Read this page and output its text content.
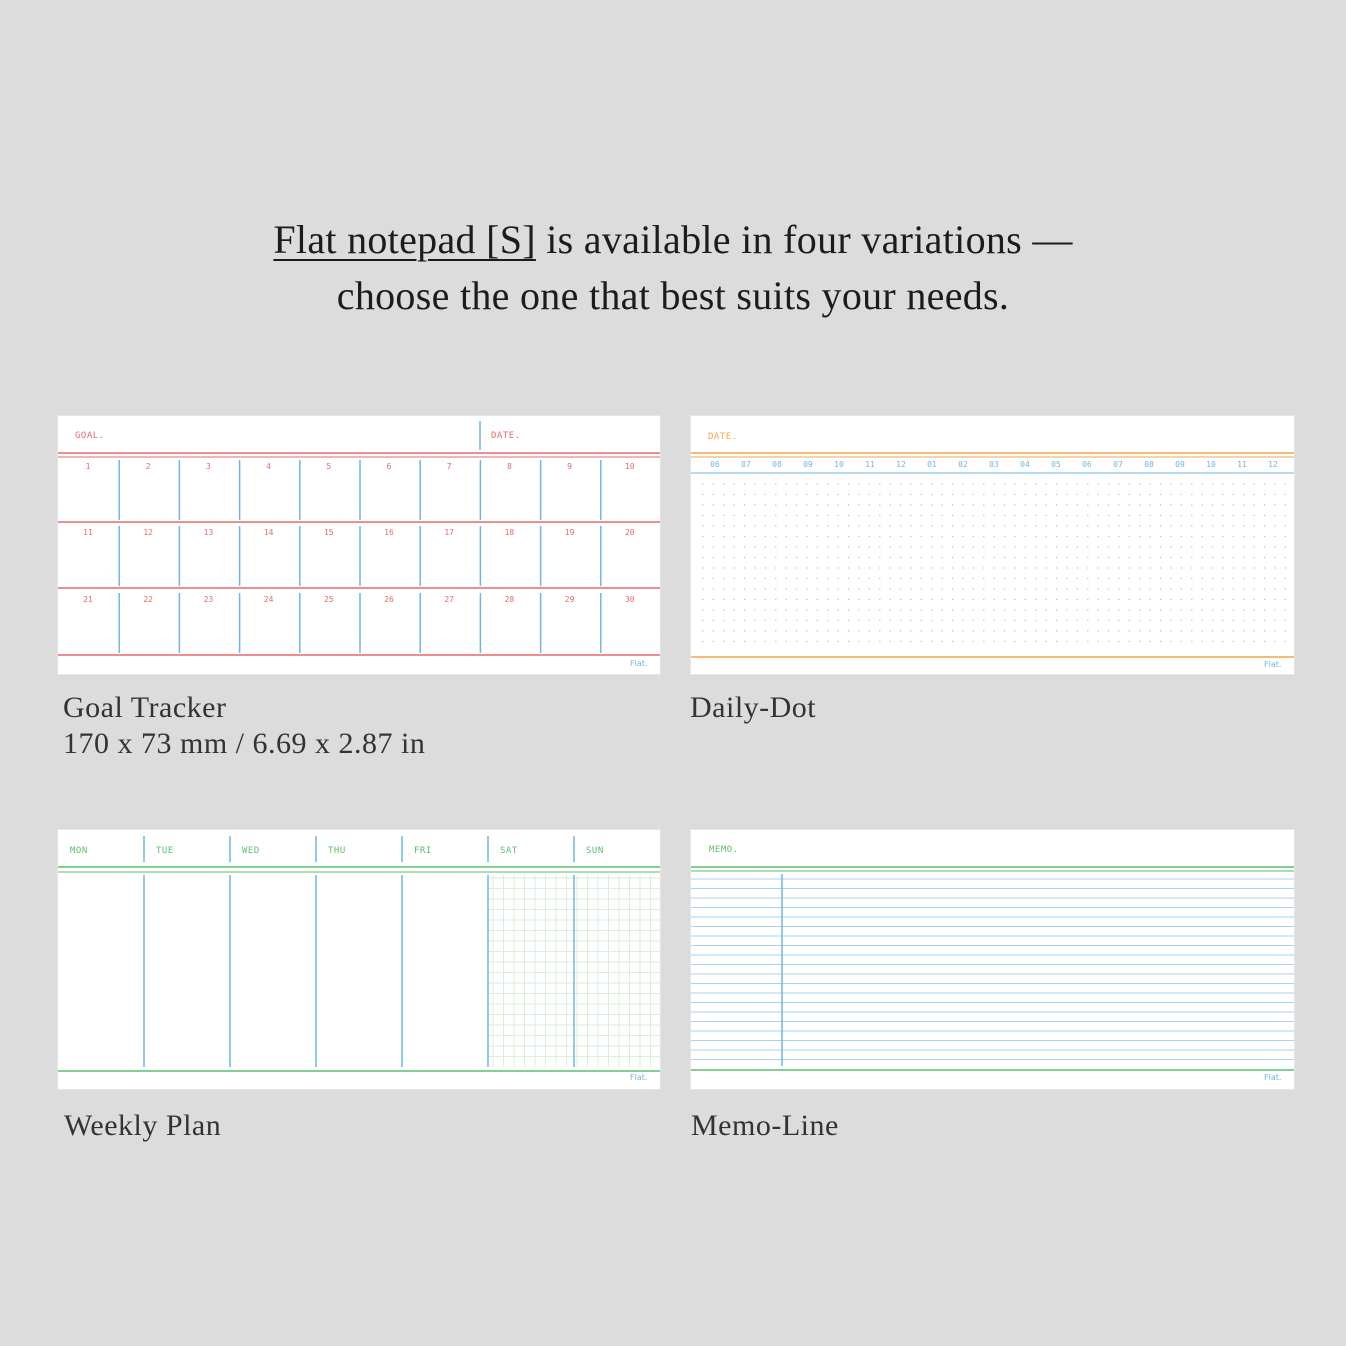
Flat notepad [S] is available in four variations —
choose the one that best suits your needs.
GOAL.	DATE.
1	2	3	4	5	6	7	8	9	10
11	12	13	14	15	16	17	18	19	20
21	22	23	24	25	26	27	28	29	30
Flat.
Goal Tracker
170 x 73 mm / 6.69 x 2.87 in
DATE.
06	07	08	09	10	11	12	01	02	03	04	05	06	07	08	09	10	11	12
Flat.
Daily-Dot
MON	TUE	WED	THU	FRI	SAT	SUN
Flat.
Weekly Plan
MEMO.
Flat.
Memo-Line
